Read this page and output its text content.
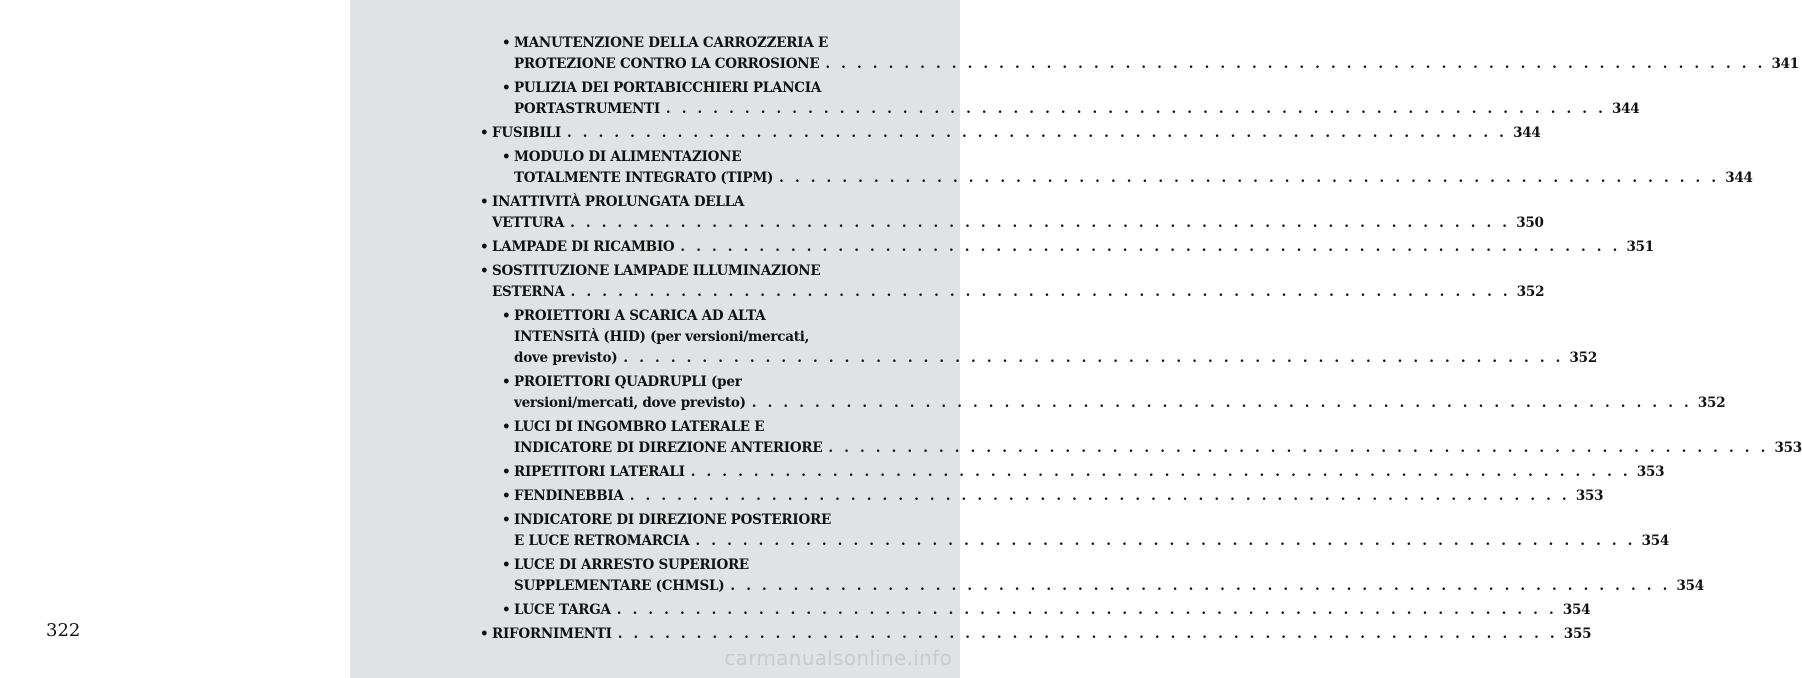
322
• MANUTENZIONE DELLA CARROZZERIA E
PROTEZIONE CONTRO LA CORROSIONE . . . . . . . . . . . . . . . . . . . . . . . . . . . . . . . . . . . . . . . . . . . . . . . . . . . . . . . . . . . . 341
• PULIZIA DEI PORTABICCHIERI PLANCIA
PORTASTRUMENTI . . . . . . . . . . . . . . . . . . . . . . . . . . . . . . . . . . . . . . . . . . . . . . . . . . . . . . . . . . . . 344
• FUSIBILI . . . . . . . . . . . . . . . . . . . . . . . . . . . . . . . . . . . . . . . . . . . . . . . . . . . . . . . . . . . . 344
• MODULO DI ALIMENTAZIONE
TOTALMENTE INTEGRATO (TIPM) . . . . . . . . . . . . . . . . . . . . . . . . . . . . . . . . . . . . . . . . . . . . . . . . . . . . . . . . . . . . 344
• INATTIVITÀ PROLUNGATA DELLA
VETTURA . . . . . . . . . . . . . . . . . . . . . . . . . . . . . . . . . . . . . . . . . . . . . . . . . . . . . . . . . . . . 350
• LAMPADE DI RICAMBIO . . . . . . . . . . . . . . . . . . . . . . . . . . . . . . . . . . . . . . . . . . . . . . . . . . . . . . . . . . . . 351
• SOSTITUZIONE LAMPADE ILLUMINAZIONE
ESTERNA . . . . . . . . . . . . . . . . . . . . . . . . . . . . . . . . . . . . . . . . . . . . . . . . . . . . . . . . . . . . 352
• PROIETTORI A SCARICA AD ALTA
INTENSITÀ (HID) (per versioni/mercati,
dove previsto) . . . . . . . . . . . . . . . . . . . . . . . . . . . . . . . . . . . . . . . . . . . . . . . . . . . . . . . . . . . . 352
• PROIETTORI QUADRUPLI (per
versioni/mercati, dove previsto) . . . . . . . . . . . . . . . . . . . . . . . . . . . . . . . . . . . . . . . . . . . . . . . . . . . . . . . . . . . . 352
• LUCI DI INGOMBRO LATERALE E
INDICATORE DI DIREZIONE ANTERIORE . . . . . . . . . . . . . . . . . . . . . . . . . . . . . . . . . . . . . . . . . . . . . . . . . . . . . . . . . . . . 353
• RIPETITORI LATERALI . . . . . . . . . . . . . . . . . . . . . . . . . . . . . . . . . . . . . . . . . . . . . . . . . . . . . . . . . . . . 353
• FENDINEBBIA . . . . . . . . . . . . . . . . . . . . . . . . . . . . . . . . . . . . . . . . . . . . . . . . . . . . . . . . . . . . 353
• INDICATORE DI DIREZIONE POSTERIORE
E LUCE RETROMARCIA . . . . . . . . . . . . . . . . . . . . . . . . . . . . . . . . . . . . . . . . . . . . . . . . . . . . . . . . . . . . 354
• LUCE DI ARRESTO SUPERIORE
SUPPLEMENTARE (CHMSL) . . . . . . . . . . . . . . . . . . . . . . . . . . . . . . . . . . . . . . . . . . . . . . . . . . . . . . . . . . . . 354
• LUCE TARGA . . . . . . . . . . . . . . . . . . . . . . . . . . . . . . . . . . . . . . . . . . . . . . . . . . . . . . . . . . . . 354
• RIFORNIMENTI . . . . . . . . . . . . . . . . . . . . . . . . . . . . . . . . . . . . . . . . . . . . . . . . . . . . . . . . . . . . 355
carmanualsonline.info
